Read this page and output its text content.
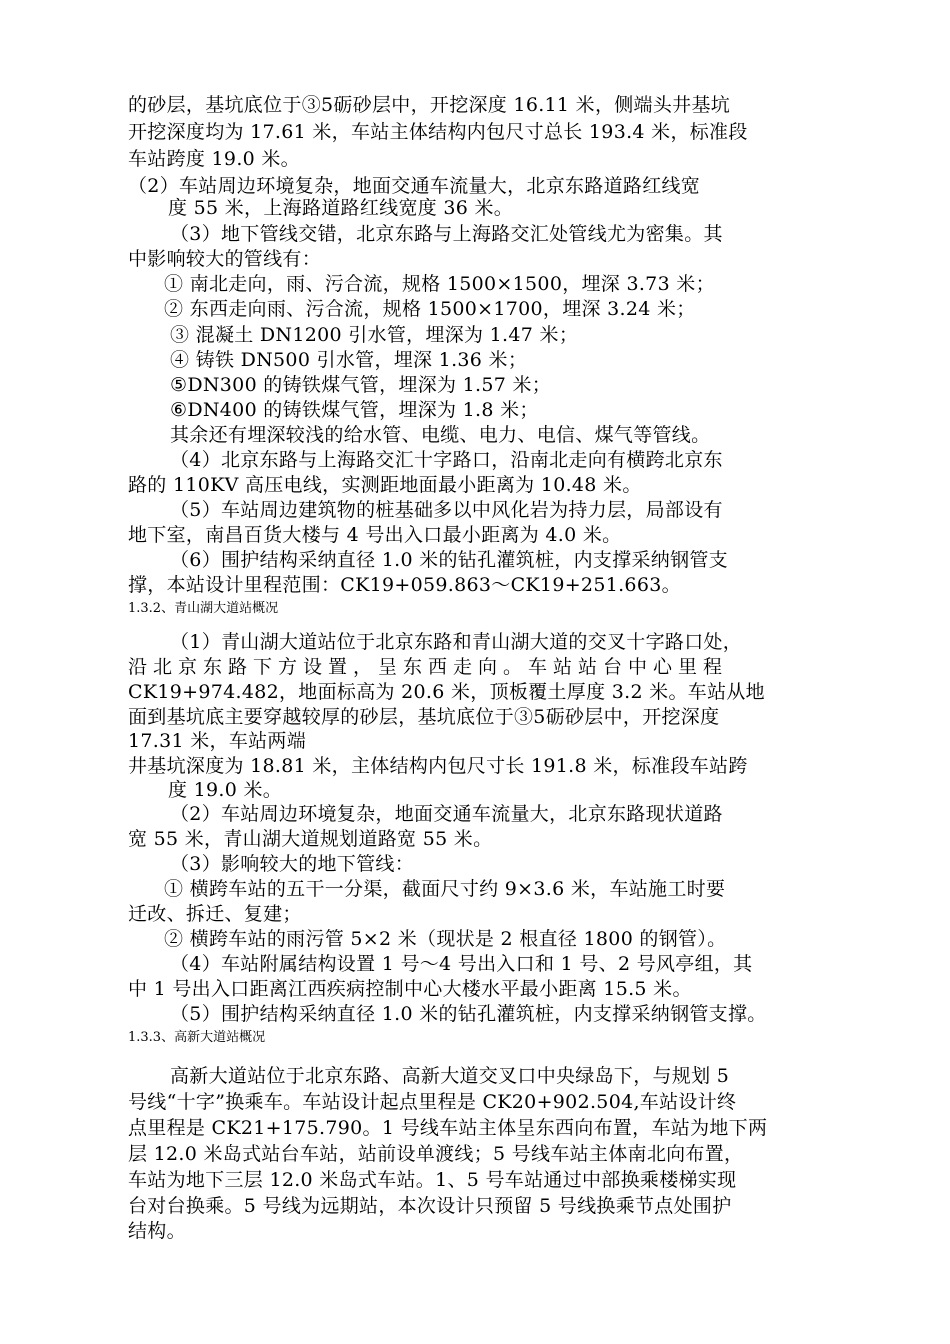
的砂层，基坑底位于③5砺砂层中，开挖深度 16.11 米，侧端头井基坑
开挖深度均为 17.61 米，车站主体结构内包尺寸总长 193.4 米，标准段
车站跨度 19.0 米。
（2）车站周边环境复杂，地面交通车流量大，北京东路道路红线宽
度 55 米，上海路道路红线宽度 36 米。
（3）地下管线交错，北京东路与上海路交汇处管线尤为密集。其
中影响较大的管线有：
① 南北走向，雨、污合流，规格 1500×1500，埋深 3.73 米；
② 东西走向雨、污合流，规格 1500×1700，埋深 3.24 米；
③ 混凝土 DN1200 引水管，埋深为 1.47 米；
④ 铸铁 DN500 引水管，埋深 1.36 米；
⑤DN300 的铸铁煤气管，埋深为 1.57 米；
⑥DN400 的铸铁煤气管，埋深为 1.8 米；
其余还有埋深较浅的给水管、电缆、电力、电信、煤气等管线。
（4）北京东路与上海路交汇十字路口，沿南北走向有横跨北京东
路的 110KV 高压电线，实测距地面最小距离为 10.48 米。
（5）车站周边建筑物的桩基础多以中风化岩为持力层，局部设有
地下室，南昌百货大楼与 4 号出入口最小距离为 4.0 米。
（6）围护结构采纳直径 1.0 米的钻孔灌筑桩，内支撑采纳钢管支
撑，本站设计里程范围：CK19+059.863～CK19+251.663。
1.3.2、青山湖大道站概况
（1）青山湖大道站位于北京东路和青山湖大道的交叉十字路口处，
沿北京东路下方设置，呈东西走向。车站站台中心里程
CK19+974.482，地面标高为 20.6 米，顶板覆土厚度 3.2 米。车站从地
面到基坑底主要穿越较厚的砂层，基坑底位于③5砺砂层中，开挖深度
17.31 米，车站两端
井基坑深度为 18.81 米，主体结构内包尺寸长 191.8 米，标准段车站跨
度 19.0 米。
（2）车站周边环境复杂，地面交通车流量大，北京东路现状道路
宽 55 米，青山湖大道规划道路宽 55 米。
（3）影响较大的地下管线：
① 横跨车站的五干一分渠，截面尺寸约 9×3.6 米，车站施工时要
迁改、拆迁、复建；
② 横跨车站的雨污管 5×2 米（现状是 2 根直径 1800 的钢管）。
（4）车站附属结构设置 1 号～4 号出入口和 1 号、2 号风亭组，其
中 1 号出入口距离江西疾病控制中心大楼水平最小距离 15.5 米。
（5）围护结构采纳直径 1.0 米的钻孔灌筑桩，内支撑采纳钢管支撑。
1.3.3、高新大道站概况
高新大道站位于北京东路、高新大道交叉口中央绿岛下，与规划 5
号线“十字”换乘车。车站设计起点里程是 CK20+902.504,车站设计终
点里程是 CK21+175.790。1 号线车站主体呈东西向布置，车站为地下两
层 12.0 米岛式站台车站，站前设单渡线；5 号线车站主体南北向布置，
车站为地下三层 12.0 米岛式车站。1、5 号车站通过中部换乘楼梯实现
台对台换乘。5 号线为远期站，本次设计只预留 5 号线换乘节点处围护
结构。
